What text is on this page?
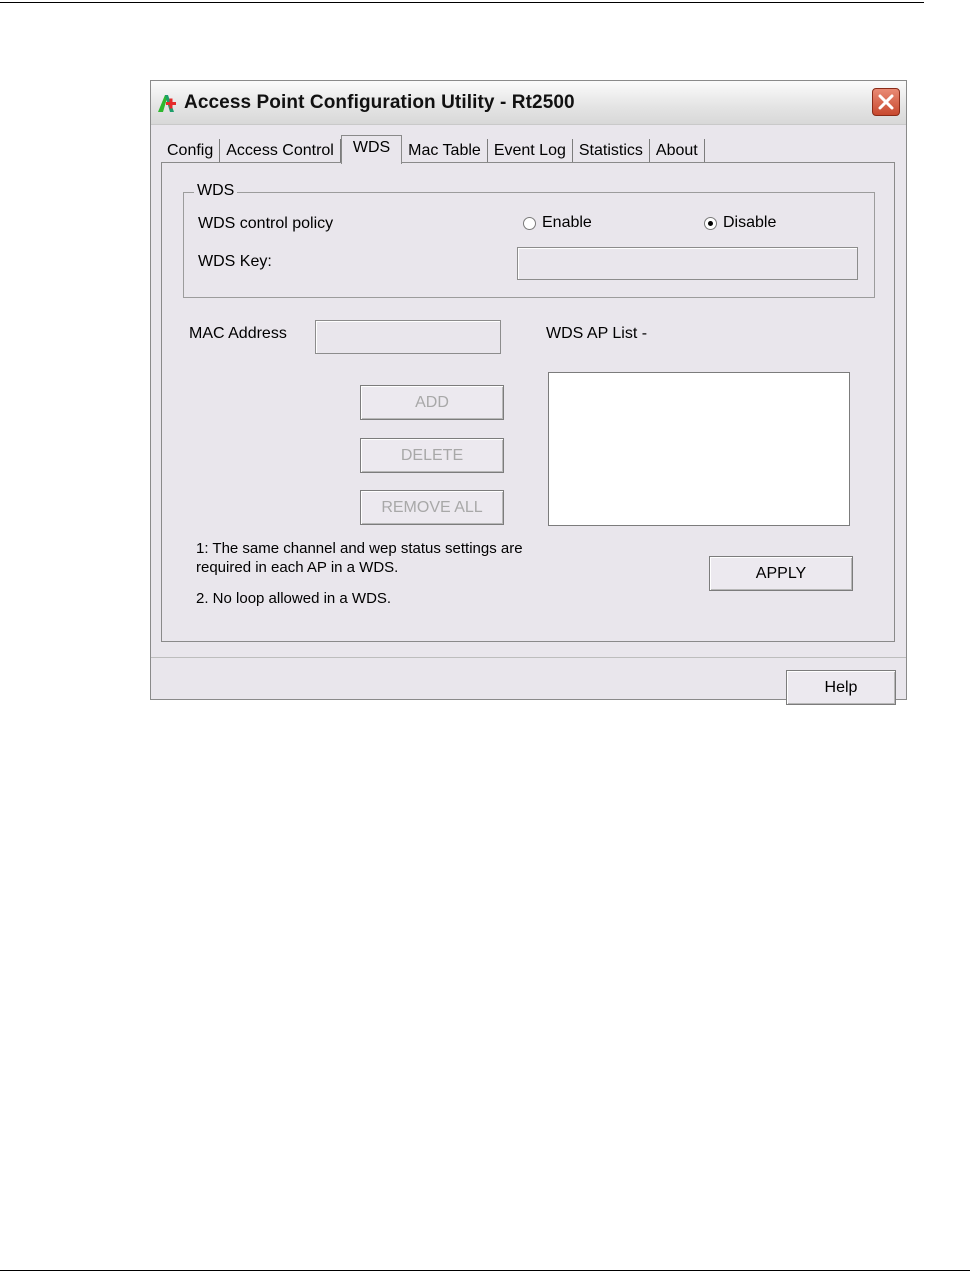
Access Point Configuration Utility - Rt2500
Config Access Control	WDS	Mac Table Event Log Statistics About
WDS
WDS control policy	Enable	Disable
WDS Key:
MAC Address	WDS AP List -
ADD
DELETE
REMOVE ALL
1: The same channel and wep status settings are
required in each AP in a WDS.
2. No loop allowed in a WDS.
APPLY
Help
